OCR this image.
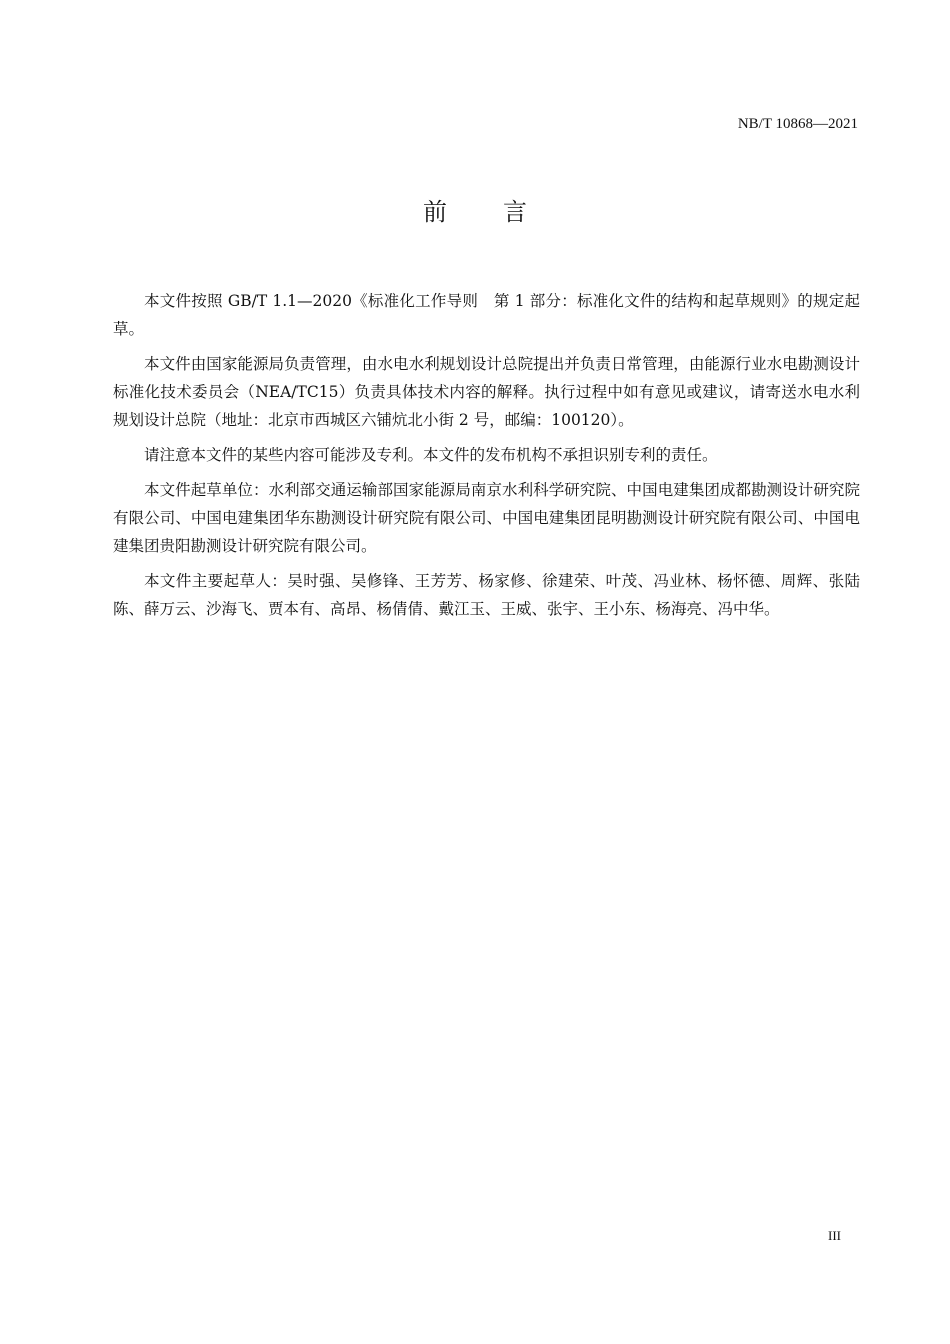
NB/T 10868—2021
前言

本文件按照 GB/T 1.1—2020《标准化工作导则　第 1 部分：标准化文件的结构和起草规则》的规定起草。

本文件由国家能源局负责管理，由水电水利规划设计总院提出并负责日常管理，由能源行业水电勘测设计标准化技术委员会（NEA/TC15）负责具体技术内容的解释。执行过程中如有意见或建议，请寄送水电水利规划设计总院（地址：北京市西城区六铺炕北小街 2 号，邮编：100120）。

请注意本文件的某些内容可能涉及专利。本文件的发布机构不承担识别专利的责任。

本文件起草单位：水利部交通运输部国家能源局南京水利科学研究院、中国电建集团成都勘测设计研究院有限公司、中国电建集团华东勘测设计研究院有限公司、中国电建集团昆明勘测设计研究院有限公司、中国电建集团贵阳勘测设计研究院有限公司。

本文件主要起草人：吴时强、吴修锋、王芳芳、杨家修、徐建荣、叶茂、冯业林、杨怀德、周辉、张陆陈、薛万云、沙海飞、贾本有、高昂、杨倩倩、戴江玉、王威、张宇、王小东、杨海亮、冯中华。

III
